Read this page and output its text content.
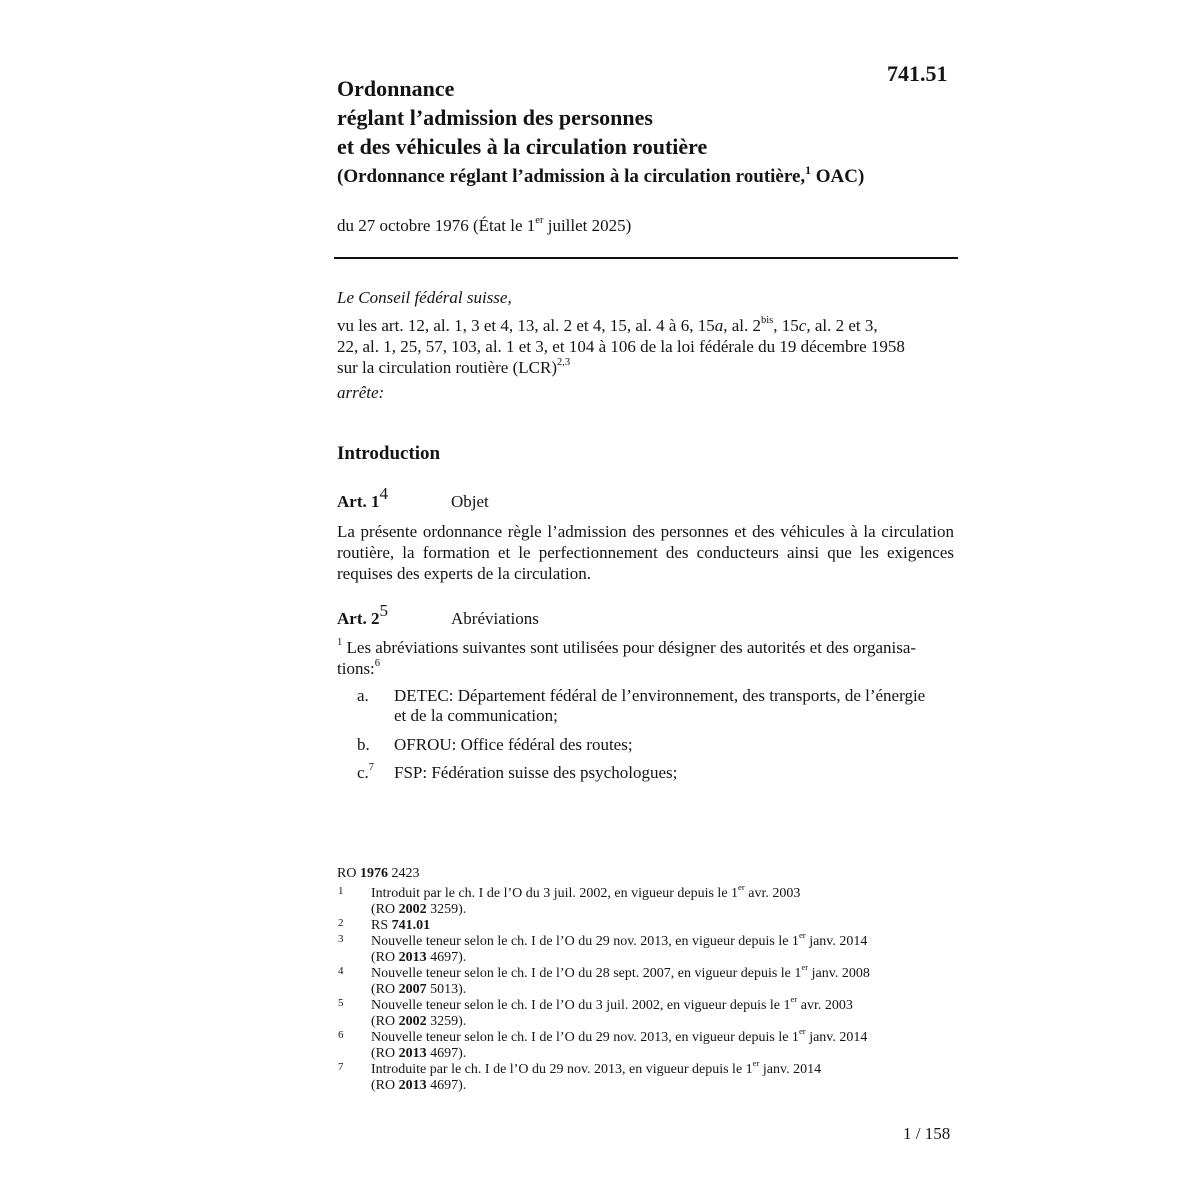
741.51
Ordonnance
réglant l’admission des personnes
et des véhicules à la circulation routière
(Ordonnance réglant l’admission à la circulation routière,$^1$ OAC)
du 27 octobre 1976 (État le 1er juillet 2025)
Le Conseil fédéral suisse,
vu les art. 12, al. 1, 3 et 4, 13, al. 2 et 4, 15, al. 4 à 6, 15a, al. $2^{bis}$, 15c, al. 2 et 3,
22, al. 1, 25, 57, 103, al. 1 et 3, et 104 à 106 de la loi fédérale du 19 décembre 1958
sur la circulation routière (LCR)$^{2,3}$
arrête:
Introduction
Art. $1^4$	Objet
La présente ordonnance règle l’admission des personnes et des véhicules à la circulation routière, la formation et le perfectionnement des conducteurs ainsi que les exigences requises des experts de la circulation.
Art. $2^5$	Abréviations
$^1$ Les abréviations suivantes sont utilisées pour désigner des autorités et des organisa-
tions:$^6$
a. DETEC: Département fédéral de l’environnement, des transports, de l’énergie
et de la communication;
b. OFROU: Office fédéral des routes;
c.$^7$ FSP: Fédération suisse des psychologues;
RO 1976 2423
1 Introduit par le ch. I de l’O du 3 juil. 2002, en vigueur depuis le 1er avr. 2003
(RO 2002 3259).
2 RS 741.01
3 Nouvelle teneur selon le ch. I de l’O du 29 nov. 2013, en vigueur depuis le 1er janv. 2014
(RO 2013 4697).
4 Nouvelle teneur selon le ch. I de l’O du 28 sept. 2007, en vigueur depuis le 1er janv. 2008
(RO 2007 5013).
5 Nouvelle teneur selon le ch. I de l’O du 3 juil. 2002, en vigueur depuis le 1er avr. 2003
(RO 2002 3259).
6 Nouvelle teneur selon le ch. I de l’O du 29 nov. 2013, en vigueur depuis le 1er janv. 2014
(RO 2013 4697).
7 Introduite par le ch. I de l’O du 29 nov. 2013, en vigueur depuis le 1er janv. 2014
(RO 2013 4697).
1 / 158
